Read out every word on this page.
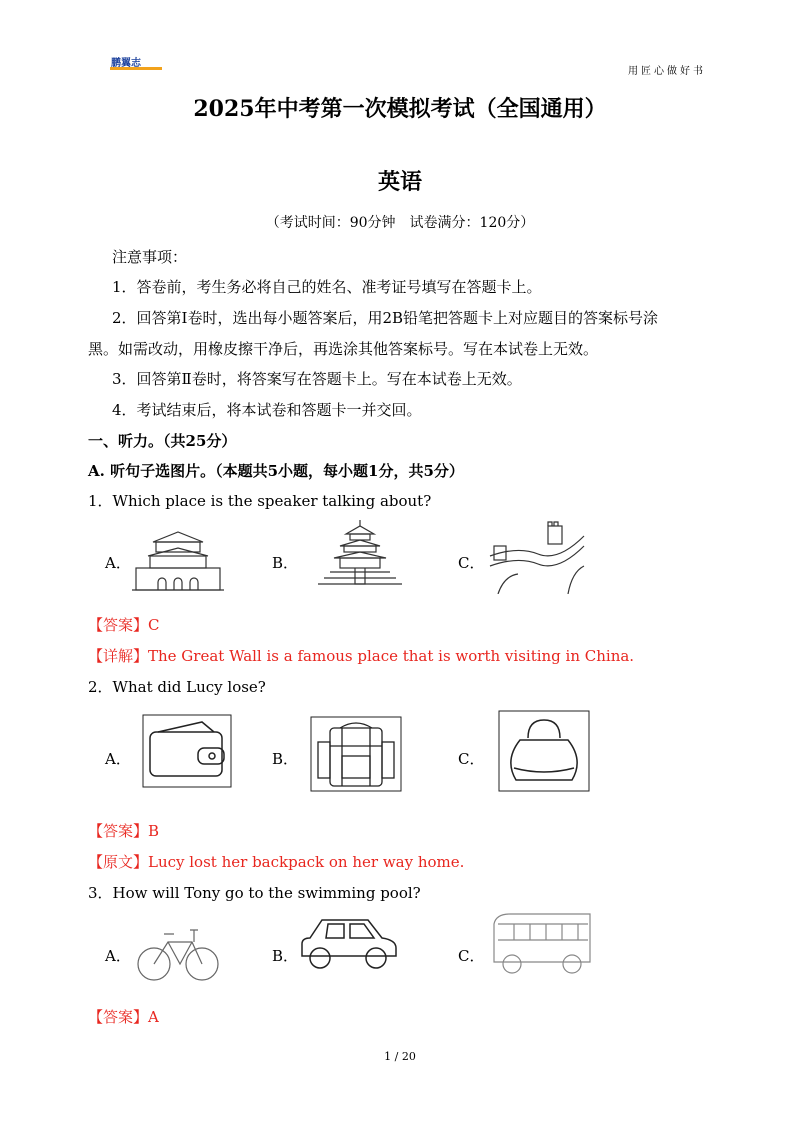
鹏翼志
用匠心做好书
2025年中考第一次模拟考试（全国通用）
英语
（考试时间：90分钟　试卷满分：120分）
注意事项：
1．答卷前，考生务必将自己的姓名、准考证号填写在答题卡上。
2．回答第Ⅰ卷时，选出每小题答案后，用2B铅笔把答题卡上对应题目的答案标号涂
黑。如需改动，用橡皮擦干净后，再选涂其他答案标号。写在本试卷上无效。
3．回答第Ⅱ卷时，将答案写在答题卡上。写在本试卷上无效。
4．考试结束后，将本试卷和答题卡一并交回。
一、听力。（共25分）
A. 听句子选图片。（本题共5小题，每小题1分，共5分）
1．Which place is the speaker talking about?
A．	B．	C．
【答案】C
【详解】The Great Wall is a famous place that is worth visiting in China.
2．What did Lucy lose?
A．	B．	C．
【答案】B
【原文】Lucy lost her backpack on her way home.
3．How will Tony go to the swimming pool?
A．	B．	C．
【答案】A
1 / 20
